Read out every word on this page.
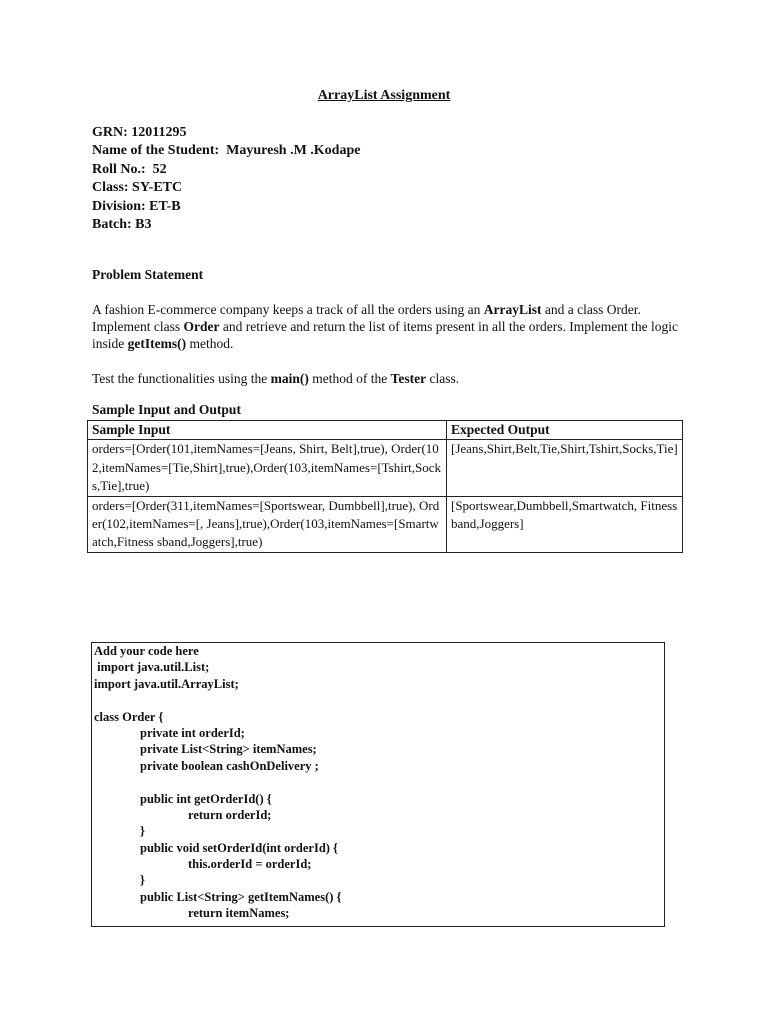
ArrayList Assignment
GRN: 12011295
Name of the Student:  Mayuresh .M .Kodape
Roll No.:  52
Class: SY-ETC
Division: ET-B
Batch: B3
Problem Statement
A fashion E-commerce company keeps a track of all the orders using an ArrayList and a class Order. Implement class Order and retrieve and return the list of items present in all the orders. Implement the logic inside getItems() method.
Test the functionalities using the main() method of the Tester class.
Sample Input and Output
Sample Input	Expected Output
orders=[Order(101,itemNames=[Jeans, Shirt, Belt],true), Order(102,itemNames=[Tie,Shirt],true),Order(103,itemNames=[Tshirt,Socks,Tie],true)	[Jeans,Shirt,Belt,Tie,Shirt,Tshirt,Socks,Tie]
orders=[Order(311,itemNames=[Sportswear, Dumbbell],true), Order(102,itemNames=[, Jeans],true),Order(103,itemNames=[Smartwatch,Fitness sband,Joggers],true)	[Sportswear,Dumbbell,Smartwatch, Fitnessband,Joggers]
Add your code here
import java.util.List;
import java.util.ArrayList;
class Order {
private int orderId;
private List<String> itemNames;
private boolean cashOnDelivery ;
public int getOrderId() {
return orderId;
}
public void setOrderId(int orderId) {
this.orderId = orderId;
}
public List<String> getItemNames() {
return itemNames;
